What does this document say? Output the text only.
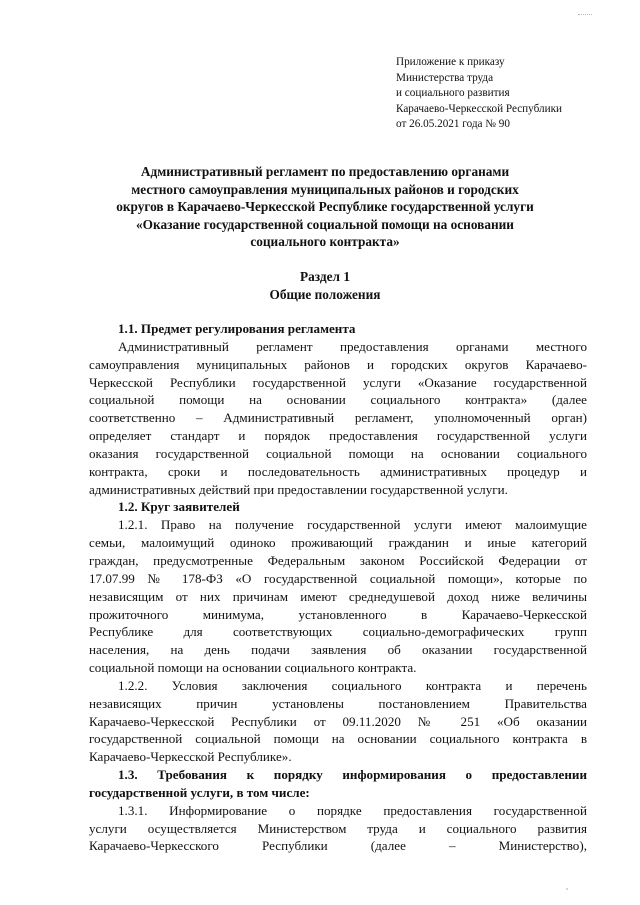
Приложение к приказу
Министерства труда
и социального развития
Карачаево-Черкесской Республики
от 26.05.2021 года № 90
Административный регламент по предоставлению органами
местного самоуправления муниципальных районов и городских
округов в Карачаево-Черкесской Республике государственной услуги
«Оказание государственной социальной помощи на основании
социального контракта»
Раздел 1
Общие положения

1.1. Предмет регулирования регламента

Административный регламент предоставления органами местного

самоуправления муниципальных районов и городских округов Карачаево-

Черкесской Республики государственной услуги «Оказание государственной

социальной помощи на основании социального контракта» (далее

соответственно – Административный регламент, уполномоченный орган)

определяет стандарт и порядок предоставления государственной услуги

оказания государственной социальной помощи на основании социального

контракта, сроки и последовательность административных процедур и

административных действий при предоставлении государственной услуги.

1.2. Круг заявителей

1.2.1. Право на получение государственной услуги имеют малоимущие

семьи, малоимущий одиноко проживающий гражданин и иные категорий

граждан, предусмотренные Федеральным законом Российской Федерации от

17.07.99 № 178-ФЗ «О государственной социальной помощи», которые по

независящим от них причинам имеют среднедушевой доход ниже величины

прожиточного минимума, установленного в Карачаево-Черкесской

Республике для соответствующих социально-демографических групп

населения, на день подачи заявления об оказании государственной

социальной помощи на основании социального контракта.

1.2.2. Условия заключения социального контракта и перечень

независящих причин установлены постановлением Правительства

Карачаево-Черкесской Республики от 09.11.2020 № 251 «Об оказании

государственной социальной помощи на основании социального контракта в

Карачаево-Черкесской Республике».

1.3. Требования к порядку информирования о предоставлении

государственной услуги, в том числе:

1.3.1. Информирование о порядке предоставления государственной

услуги осуществляется Министерством труда и социального развития

Карачаево-Черкесского Республики (далее – Министерство),
